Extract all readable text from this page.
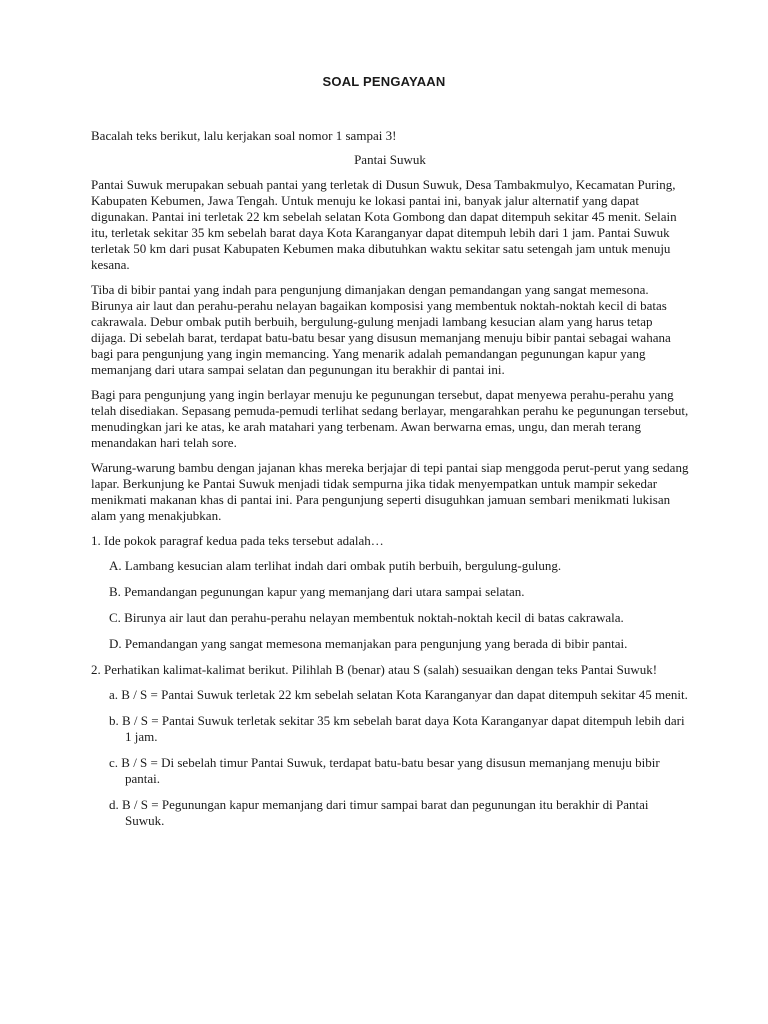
SOAL PENGAYAAN

Bacalah teks berikut, lalu kerjakan soal nomor 1 sampai 3!

Pantai Suwuk

Pantai Suwuk merupakan sebuah pantai yang terletak di Dusun Suwuk, Desa Tambakmulyo, Kecamatan Puring, Kabupaten Kebumen, Jawa Tengah. Untuk menuju ke lokasi pantai ini, banyak jalur alternatif yang dapat digunakan. Pantai ini terletak 22 km sebelah selatan Kota Gombong dan dapat ditempuh sekitar 45 menit. Selain itu, terletak sekitar 35 km sebelah barat daya Kota Karanganyar dapat ditempuh lebih dari 1 jam. Pantai Suwuk terletak 50 km dari pusat Kabupaten Kebumen maka dibutuhkan waktu sekitar satu setengah jam untuk menuju kesana.

Tiba di bibir pantai yang indah para pengunjung dimanjakan dengan pemandangan yang sangat memesona. Birunya air laut dan perahu-perahu nelayan bagaikan komposisi yang membentuk noktah-noktah kecil di batas cakrawala. Debur ombak putih berbuih, bergulung-gulung menjadi lambang kesucian alam yang harus tetap dijaga. Di sebelah barat, terdapat batu-batu besar yang disusun memanjang menuju bibir pantai sebagai wahana bagi para pengunjung yang ingin memancing. Yang menarik adalah pemandangan pegunungan kapur yang memanjang dari utara sampai selatan dan pegunungan itu berakhir di pantai ini.

Bagi para pengunjung yang ingin berlayar menuju ke pegunungan tersebut, dapat menyewa perahu-perahu yang telah disediakan. Sepasang pemuda-pemudi terlihat sedang berlayar, mengarahkan perahu ke pegunungan tersebut, menudingkan jari ke atas, ke arah matahari yang terbenam. Awan berwarna emas, ungu, dan merah terang menandakan hari telah sore.

Warung-warung bambu dengan jajanan khas mereka berjajar di tepi pantai siap menggoda perut-perut yang sedang lapar. Berkunjung ke Pantai Suwuk menjadi tidak sempurna jika tidak menyempatkan untuk mampir sekedar menikmati makanan khas di pantai ini. Para pengunjung seperti disuguhkan jamuan sembari menikmati lukisan alam yang menakjubkan.

1. Ide pokok paragraf kedua pada teks tersebut adalah…

A. Lambang kesucian alam terlihat indah dari ombak putih berbuih, bergulung-gulung.

B. Pemandangan pegunungan kapur yang memanjang dari utara sampai selatan.

C. Birunya air laut dan perahu-perahu nelayan membentuk noktah-noktah kecil di batas cakrawala.

D. Pemandangan yang sangat memesona memanjakan para pengunjung yang berada di bibir pantai.

2. Perhatikan kalimat-kalimat berikut. Pilihlah B (benar) atau S (salah) sesuaikan dengan teks Pantai Suwuk!

a. B / S = Pantai Suwuk terletak 22 km sebelah selatan Kota Karanganyar dan dapat ditempuh sekitar 45 menit.

b. B / S = Pantai Suwuk terletak sekitar 35 km sebelah barat daya Kota Karanganyar dapat ditempuh lebih dari 1 jam.

c. B / S = Di sebelah timur Pantai Suwuk, terdapat batu-batu besar yang disusun memanjang menuju bibir pantai.

d. B / S = Pegunungan kapur memanjang dari timur sampai barat dan pegunungan itu berakhir di Pantai Suwuk.
